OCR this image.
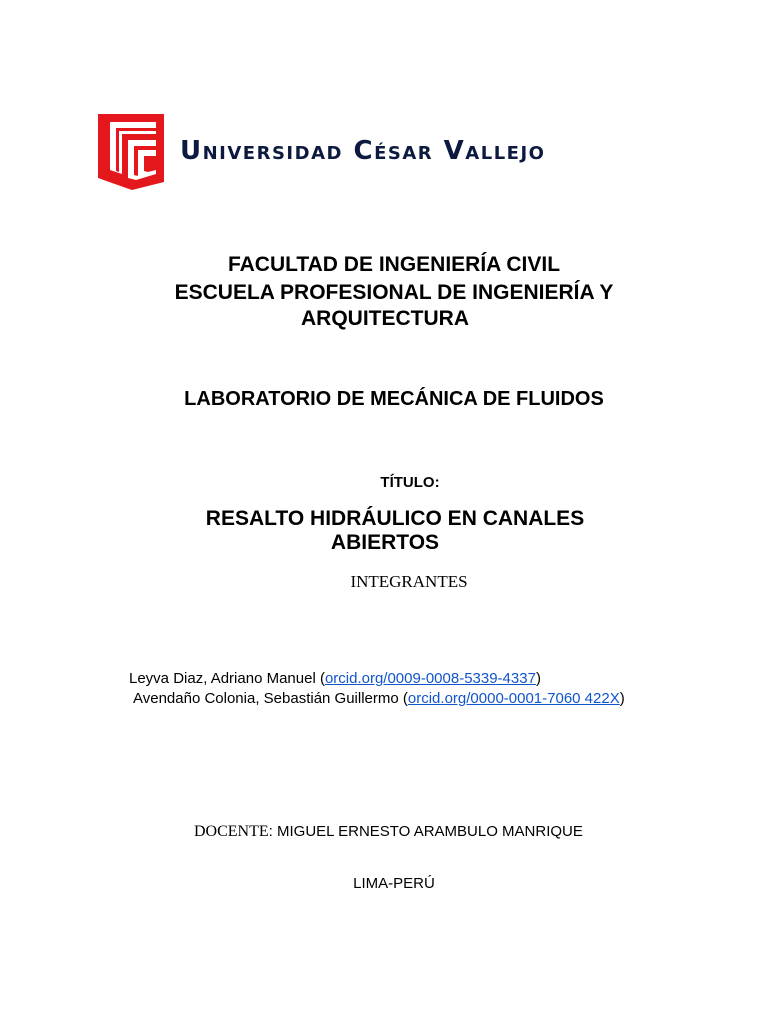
Universidad César Vallejo
FACULTAD DE INGENIERÍA CIVIL
ESCUELA PROFESIONAL DE INGENIERÍA Y
ARQUITECTURA
LABORATORIO DE MECÁNICA DE FLUIDOS
TÍTULO:
RESALTO HIDRÁULICO EN CANALES
ABIERTOS
INTEGRANTES
Leyva Diaz, Adriano Manuel (orcid.org/0009-0008-5339-4337)
Avendaño Colonia, Sebastián Guillermo (orcid.org/0000-0001-7060 422X)
DOCENTE: MIGUEL ERNESTO ARAMBULO MANRIQUE
LIMA-PERÚ
